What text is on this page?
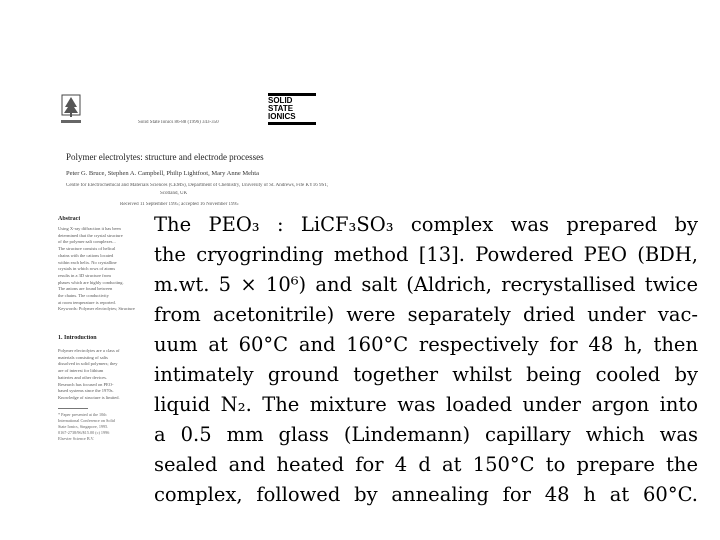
Solid State Ionics 86-88 (1996) 343-350
SOLID
STATE
IONICS
Polymer electrolytes: structure and electrode processes
Peter G. Bruce, Stephen A. Campbell, Philip Lightfoot, Mary Anne Mehta
Centre for Electrochemical and Materials Sciences (CEMS), Department of Chemistry, University of St. Andrews, Fife KY16 9ST,
Scotland, UK
Received 11 September 1995; accepted 16 November 1995
Abstract
Using X-ray diffraction it has been
determined that the crystal structure
of the polymer:salt complexes...
The structure consists of helical
chains with the cations located
within each helix. No crystalline
crystals in which rows of atoms
results in a 3D structure from
phases which are highly conducting.
The anions are found between
the chains. The conductivity
at room temperature is reported.
Keywords: Polymer electrolytes; Structure
1. Introduction
Polymer electrolytes are a class of
materials consisting of salts
dissolved in solid polymers; they
are of interest for lithium
batteries and other devices.
Research has focused on PEO-
based systems since the 1970s.
Knowledge of structure is limited.
* Paper presented at the 10th
International Conference on Solid
State Ionics, Singapore, 1995.
0167-2738/96/$15.00 (c) 1996
Elsevier Science B.V.
The PEO₃ : LiCF₃SO₃ complex was prepared by
the cryogrinding method [13]. Powdered PEO (BDH,
m.wt. 5 × 10⁶) and salt (Aldrich, recrystallised twice
from acetonitrile) were separately dried under vac-
uum at 60°C and 160°C respectively for 48 h, then
intimately ground together whilst being cooled by
liquid N₂. The mixture was loaded under argon into
a 0.5 mm glass (Lindemann) capillary which was
sealed and heated for 4 d at 150°C to prepare the
complex, followed by annealing for 48 h at 60°C.
